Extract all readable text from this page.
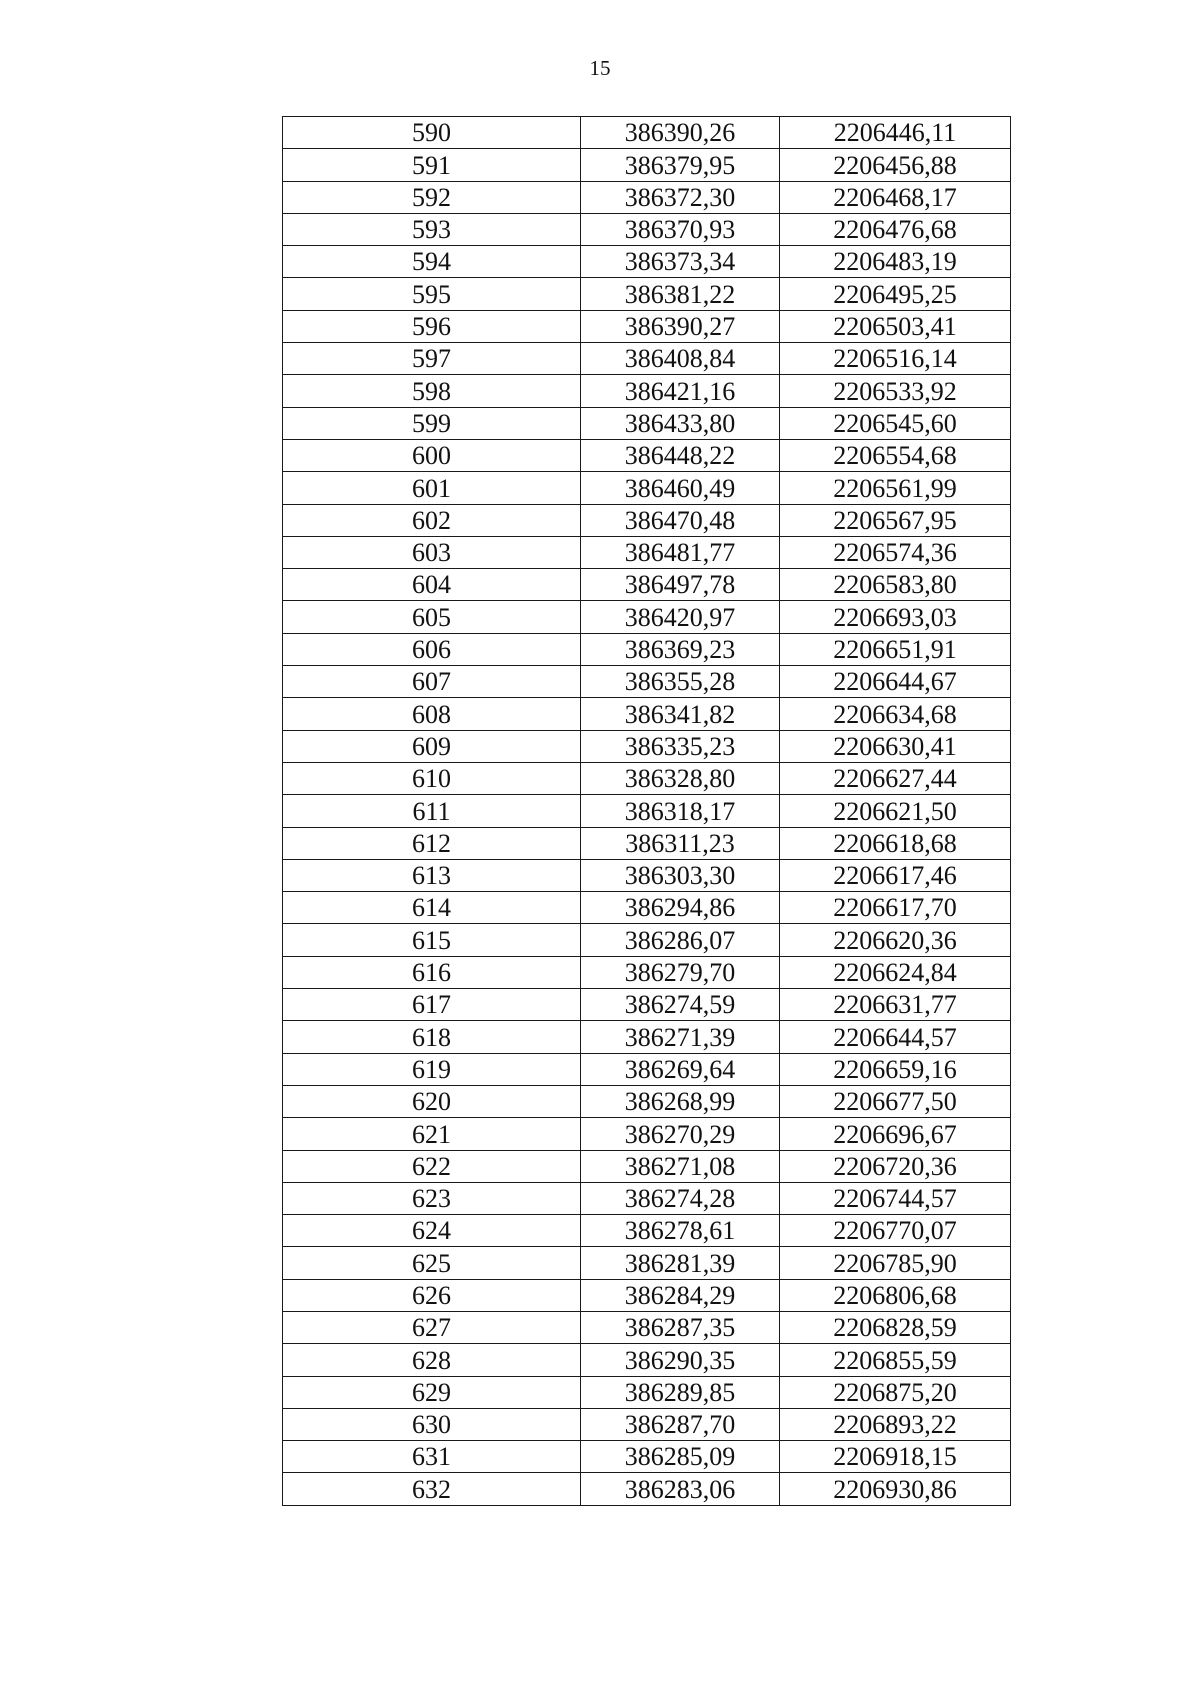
15
590	386390,26	2206446,11
591	386379,95	2206456,88
592	386372,30	2206468,17
593	386370,93	2206476,68
594	386373,34	2206483,19
595	386381,22	2206495,25
596	386390,27	2206503,41
597	386408,84	2206516,14
598	386421,16	2206533,92
599	386433,80	2206545,60
600	386448,22	2206554,68
601	386460,49	2206561,99
602	386470,48	2206567,95
603	386481,77	2206574,36
604	386497,78	2206583,80
605	386420,97	2206693,03
606	386369,23	2206651,91
607	386355,28	2206644,67
608	386341,82	2206634,68
609	386335,23	2206630,41
610	386328,80	2206627,44
611	386318,17	2206621,50
612	386311,23	2206618,68
613	386303,30	2206617,46
614	386294,86	2206617,70
615	386286,07	2206620,36
616	386279,70	2206624,84
617	386274,59	2206631,77
618	386271,39	2206644,57
619	386269,64	2206659,16
620	386268,99	2206677,50
621	386270,29	2206696,67
622	386271,08	2206720,36
623	386274,28	2206744,57
624	386278,61	2206770,07
625	386281,39	2206785,90
626	386284,29	2206806,68
627	386287,35	2206828,59
628	386290,35	2206855,59
629	386289,85	2206875,20
630	386287,70	2206893,22
631	386285,09	2206918,15
632	386283,06	2206930,86
